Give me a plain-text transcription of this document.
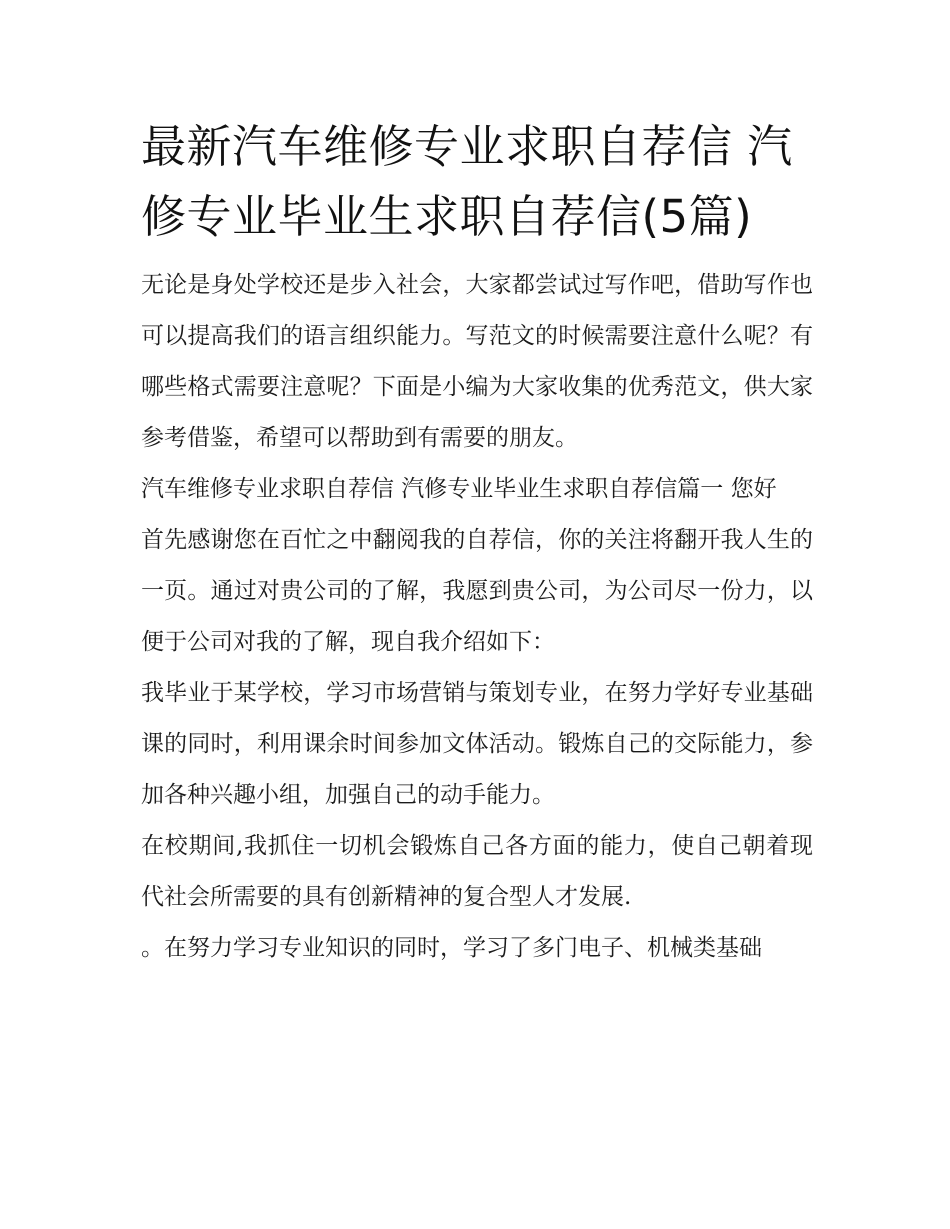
最新汽车维修专业求职自荐信 汽修专业毕业生求职自荐信(5篇)

无论是身处学校还是步入社会，大家都尝试过写作吧，借助写作也可以提高我们的语言组织能力。写范文的时候需要注意什么呢？有哪些格式需要注意呢？下面是小编为大家收集的优秀范文，供大家参考借鉴，希望可以帮助到有需要的朋友。

汽车维修专业求职自荐信 汽修专业毕业生求职自荐信篇一 您好

首先感谢您在百忙之中翻阅我的自荐信，你的关注将翻开我人生的一页。通过对贵公司的了解，我愿到贵公司，为公司尽一份力，以便于公司对我的了解，现自我介绍如下：

我毕业于某学校，学习市场营销与策划专业，在努力学好专业基础课的同时，利用课余时间参加文体活动。锻炼自己的交际能力，参加各种兴趣小组，加强自己的动手能力。

在校期间,我抓住一切机会锻炼自己各方面的能力，使自己朝着现代社会所需要的具有创新精神的复合型人才发展.

。在努力学习专业知识的同时，学习了多门电子、机械类基础
